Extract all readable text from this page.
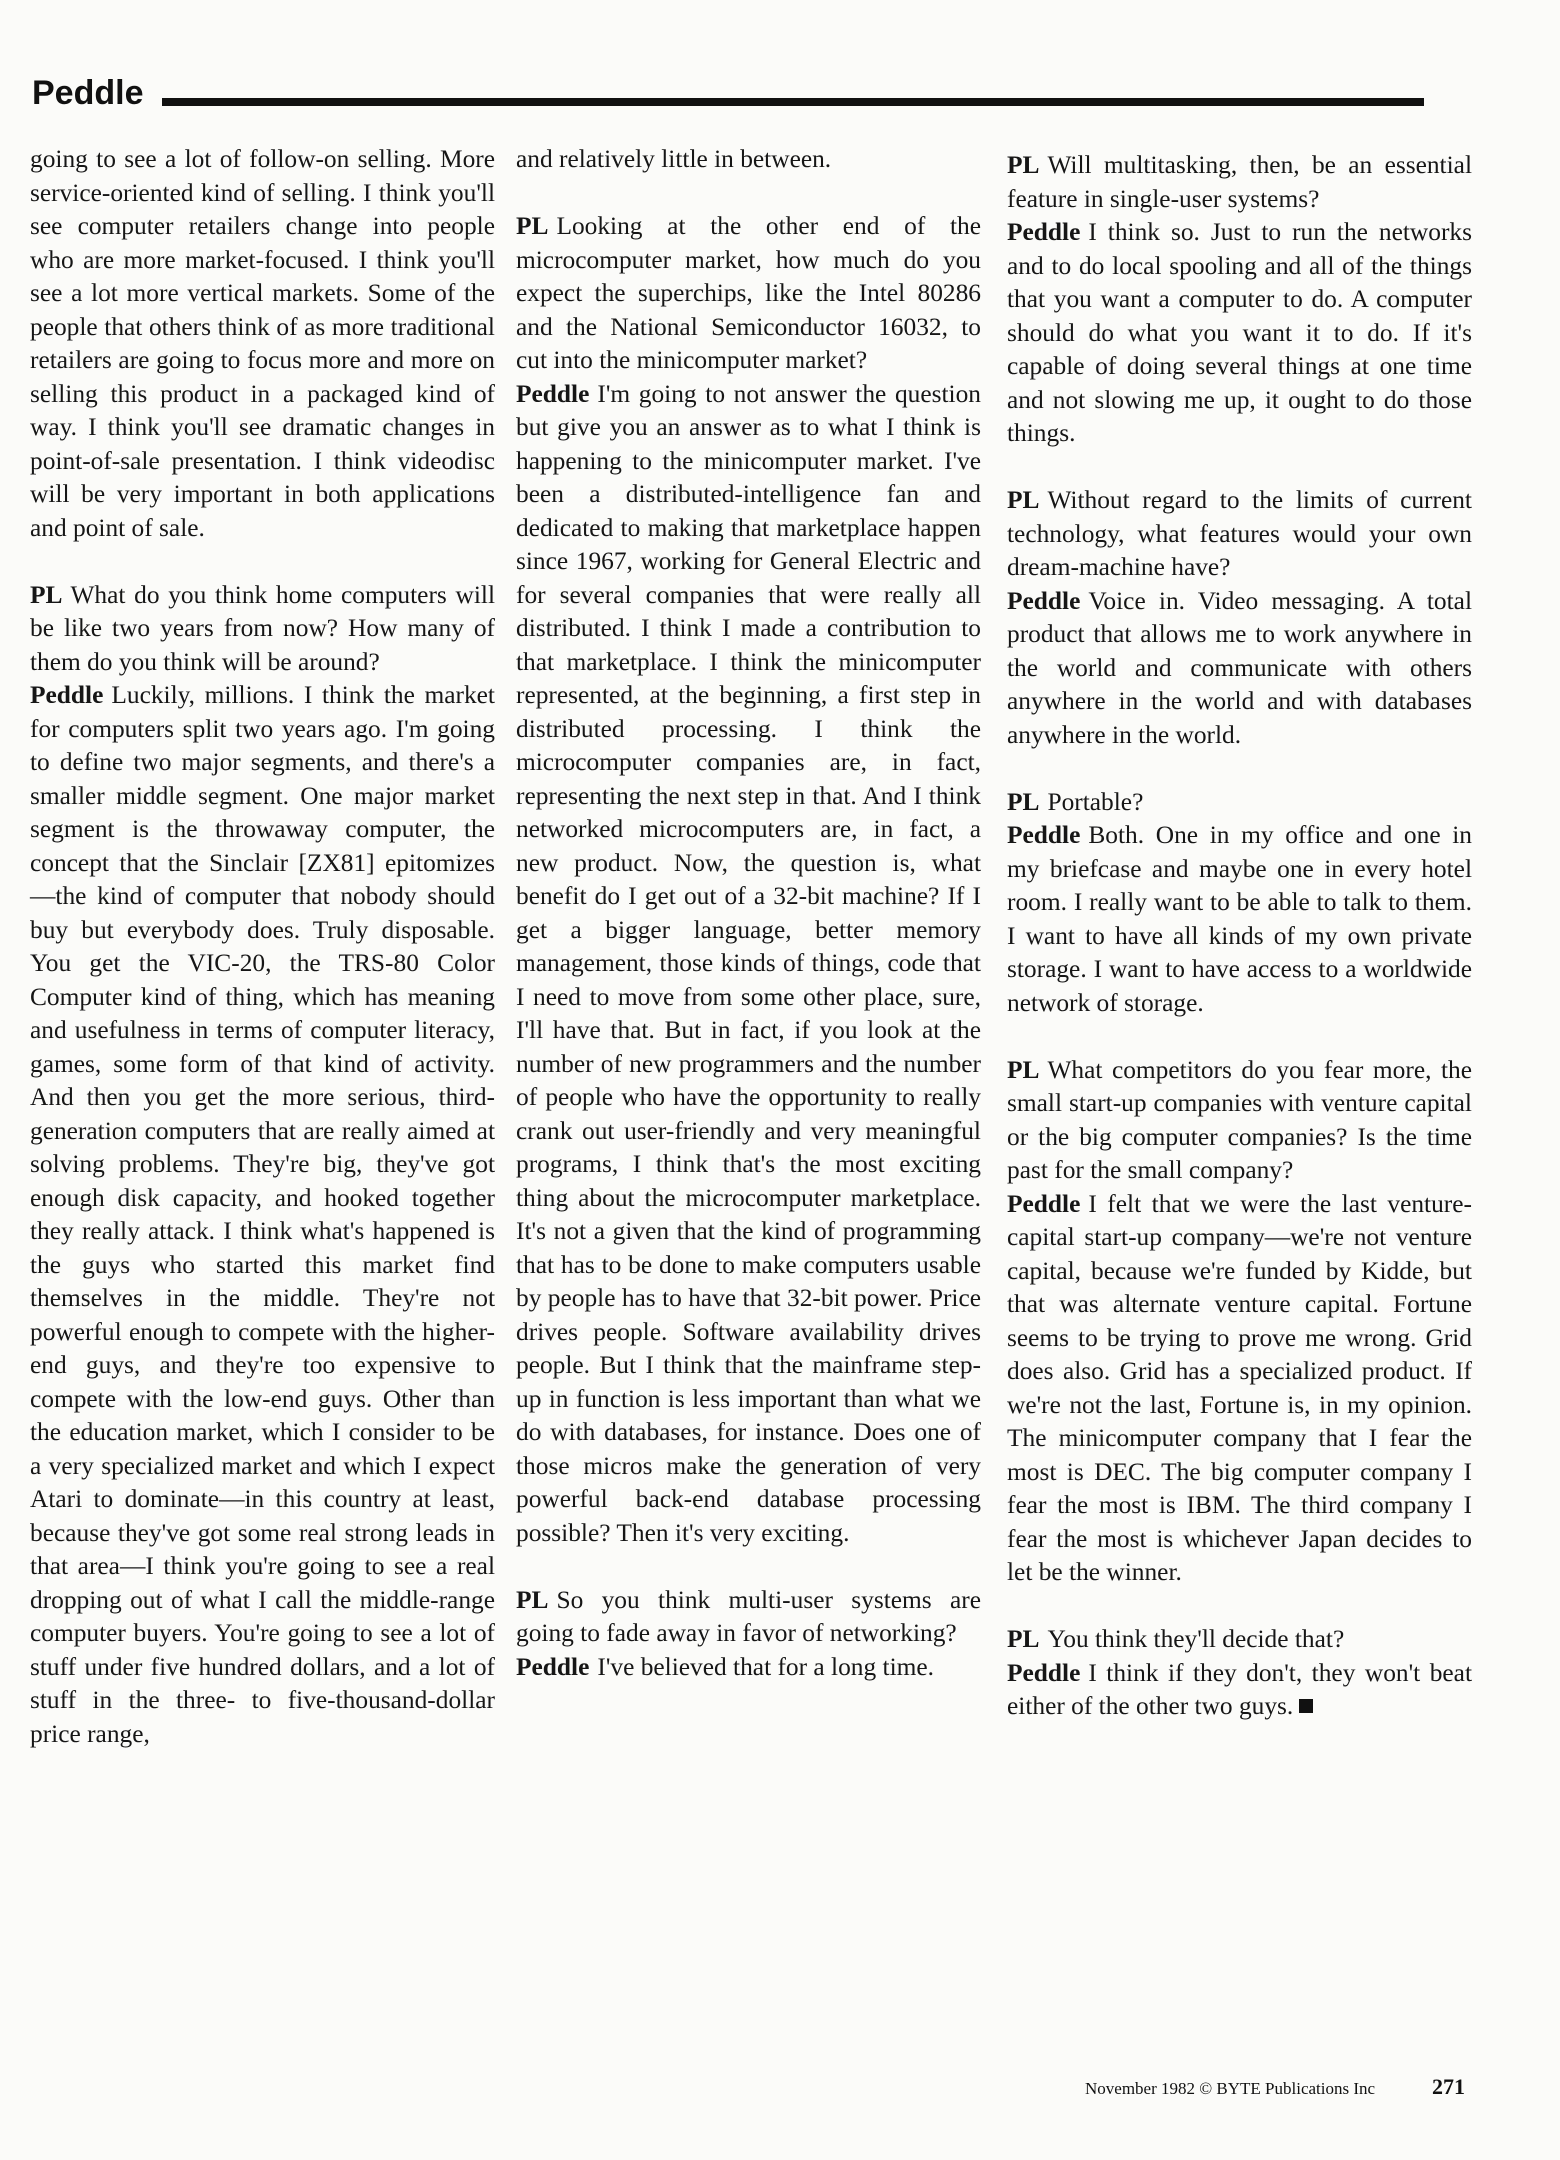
Peddle

going to see a lot of follow-on selling. More service-oriented kind of selling. I think you'll see computer retailers change into people who are more market-focused. I think you'll see a lot more vertical markets. Some of the people that others think of as more traditional retailers are going to focus more and more on selling this product in a packaged kind of way. I think you'll see dramatic changes in point-of-sale presentation. I think videodisc will be very important in both applications and point of sale.

PL What do you think home computers will be like two years from now? How many of them do you think will be around?

Peddle Luckily, millions. I think the market for computers split two years ago. I'm going to define two major segments, and there's a smaller middle segment. One major market segment is the throwaway computer, the concept that the Sinclair [ZX81] epitomizes—the kind of computer that nobody should buy but everybody does. Truly disposable. You get the VIC-20, the TRS-80 Color Computer kind of thing, which has meaning and usefulness in terms of computer literacy, games, some form of that kind of activity. And then you get the more serious, third-generation computers that are really aimed at solving problems. They're big, they've got enough disk capacity, and hooked together they really attack. I think what's happened is the guys who started this market find themselves in the middle. They're not powerful enough to compete with the higher-end guys, and they're too expensive to compete with the low-end guys. Other than the education market, which I consider to be a very specialized market and which I expect Atari to dominate—in this country at least, because they've got some real strong leads in that area—I think you're going to see a real dropping out of what I call the middle-range computer buyers. You're going to see a lot of stuff under five hundred dollars, and a lot of stuff in the three- to five-thousand-dollar price range,

and relatively little in between.

PL Looking at the other end of the microcomputer market, how much do you expect the superchips, like the Intel 80286 and the National Semiconductor 16032, to cut into the minicomputer market?

Peddle I'm going to not answer the question but give you an answer as to what I think is happening to the minicomputer market. I've been a distributed-intelligence fan and dedicated to making that marketplace happen since 1967, working for General Electric and for several companies that were really all distributed. I think I made a contribution to that marketplace. I think the minicomputer represented, at the beginning, a first step in distributed processing. I think the microcomputer companies are, in fact, representing the next step in that. And I think networked microcomputers are, in fact, a new product. Now, the question is, what benefit do I get out of a 32-bit machine? If I get a bigger language, better memory management, those kinds of things, code that I need to move from some other place, sure, I'll have that. But in fact, if you look at the number of new programmers and the number of people who have the opportunity to really crank out user-friendly and very meaningful programs, I think that's the most exciting thing about the microcomputer marketplace. It's not a given that the kind of programming that has to be done to make computers usable by people has to have that 32-bit power. Price drives people. Software availability drives people. But I think that the mainframe step-up in function is less important than what we do with databases, for instance. Does one of those micros make the generation of very powerful back-end database processing possible? Then it's very exciting.

PL So you think multi-user systems are going to fade away in favor of networking?

Peddle I've believed that for a long time.

PL Will multitasking, then, be an essential feature in single-user systems?

Peddle I think so. Just to run the networks and to do local spooling and all of the things that you want a computer to do. A computer should do what you want it to do. If it's capable of doing several things at one time and not slowing me up, it ought to do those things.

PL Without regard to the limits of current technology, what features would your own dream-machine have?

Peddle Voice in. Video messaging. A total product that allows me to work anywhere in the world and communicate with others anywhere in the world and with databases anywhere in the world.

PL Portable?

Peddle Both. One in my office and one in my briefcase and maybe one in every hotel room. I really want to be able to talk to them. I want to have all kinds of my own private storage. I want to have access to a worldwide network of storage.

PL What competitors do you fear more, the small start-up companies with venture capital or the big computer companies? Is the time past for the small company?

Peddle I felt that we were the last venture-capital start-up company—we're not venture capital, because we're funded by Kidde, but that was alternate venture capital. Fortune seems to be trying to prove me wrong. Grid does also. Grid has a specialized product. If we're not the last, Fortune is, in my opinion. The minicomputer company that I fear the most is DEC. The big computer company I fear the most is IBM. The third company I fear the most is whichever Japan decides to let be the winner.

PL You think they'll decide that?

Peddle I think if they don't, they won't beat either of the other two guys.

November 1982 © BYTE Publications Inc	271
